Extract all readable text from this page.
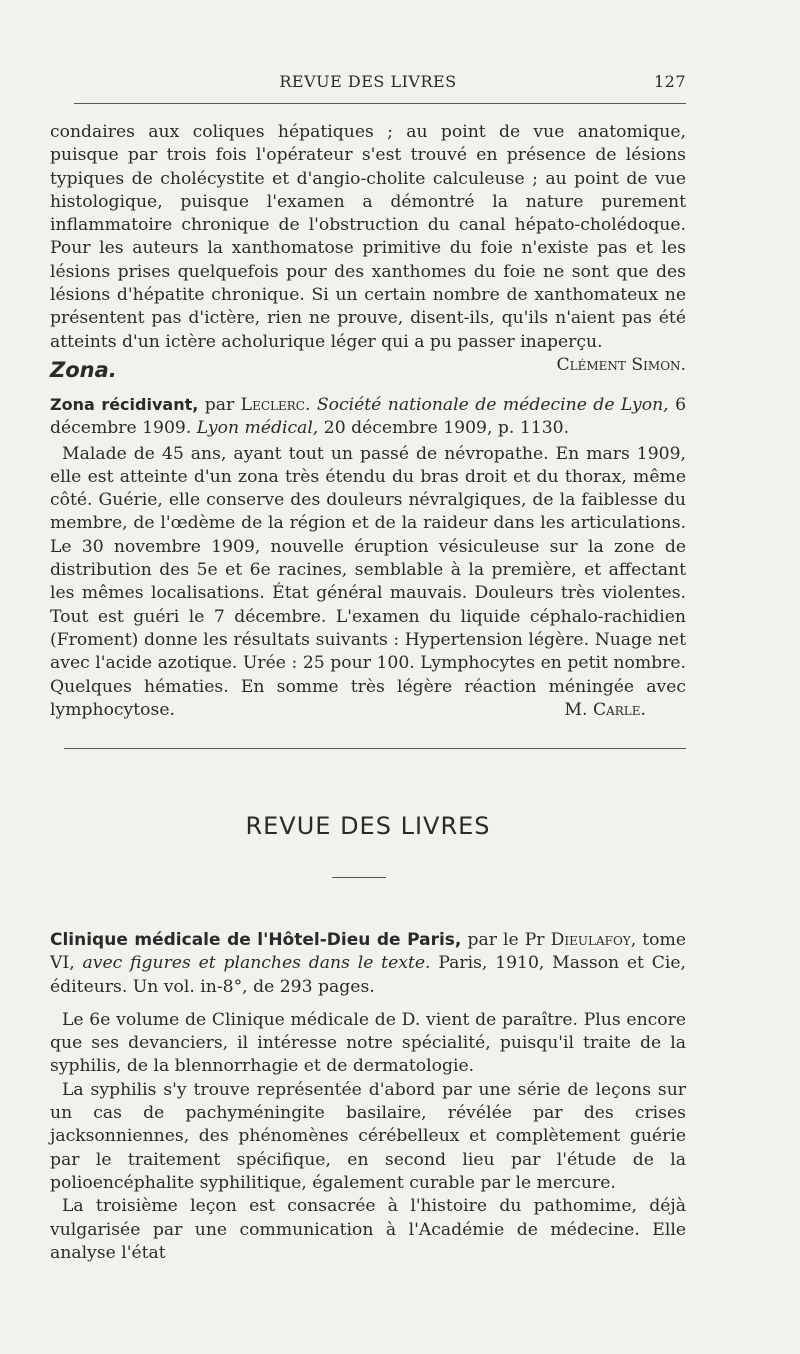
REVUE DES LIVRES	127

condaires aux coliques hépatiques ; au point de vue anatomique, puisque par trois fois l'opérateur s'est trouvé en présence de lésions typiques de cholécystite et d'angio-cholite calculeuse ; au point de vue histologique, puisque l'examen a démontré la nature purement inflammatoire chronique de l'obstruction du canal hépato-cholédoque. Pour les auteurs la xanthomatose primitive du foie n'existe pas et les lésions prises quelquefois pour des xanthomes du foie ne sont que des lésions d'hépatite chronique. Si un certain nombre de xanthomateux ne présentent pas d'ictère, rien ne prouve, disent-ils, qu'ils n'aient pas été atteints d'un ictère acholurique léger qui a pu passer inaperçu.
Clément Simon.

Zona.

Zona récidivant, par Leclerc. Société nationale de médecine de Lyon, 6 décembre 1909. Lyon médical, 20 décembre 1909, p. 1130.

Malade de 45 ans, ayant tout un passé de névropathe. En mars 1909, elle est atteinte d'un zona très étendu du bras droit et du thorax, même côté. Guérie, elle conserve des douleurs névralgiques, de la faiblesse du membre, de l'œdème de la région et de la raideur dans les articulations. Le 30 novembre 1909, nouvelle éruption vésiculeuse sur la zone de distribution des 5e et 6e racines, semblable à la première, et affectant les mêmes localisations. État général mauvais. Douleurs très violentes. Tout est guéri le 7 décembre. L'examen du liquide céphalo-rachidien (Froment) donne les résultats suivants : Hypertension légère. Nuage net avec l'acide azotique. Urée : 25 pour 100. Lymphocytes en petit nombre. Quelques hématies. En somme très légère réaction méningée avec lymphocytose.	M. Carle.

REVUE DES LIVRES

Clinique médicale de l'Hôtel-Dieu de Paris, par le Pr Dieulafoy, tome VI, avec figures et planches dans le texte. Paris, 1910, Masson et Cie, éditeurs. Un vol. in-8°, de 293 pages.

Le 6e volume de Clinique médicale de D. vient de paraître. Plus encore que ses devanciers, il intéresse notre spécialité, puisqu'il traite de la syphilis, de la blennorrhagie et de dermatologie.

La syphilis s'y trouve représentée d'abord par une série de leçons sur un cas de pachyméningite basilaire, révélée par des crises jacksonniennes, des phénomènes cérébelleux et complètement guérie par le traitement spécifique, en second lieu par l'étude de la polioencéphalite syphilitique, également curable par le mercure.

La troisième leçon est consacrée à l'histoire du pathomime, déjà vulgarisée par une communication à l'Académie de médecine. Elle analyse l'état
